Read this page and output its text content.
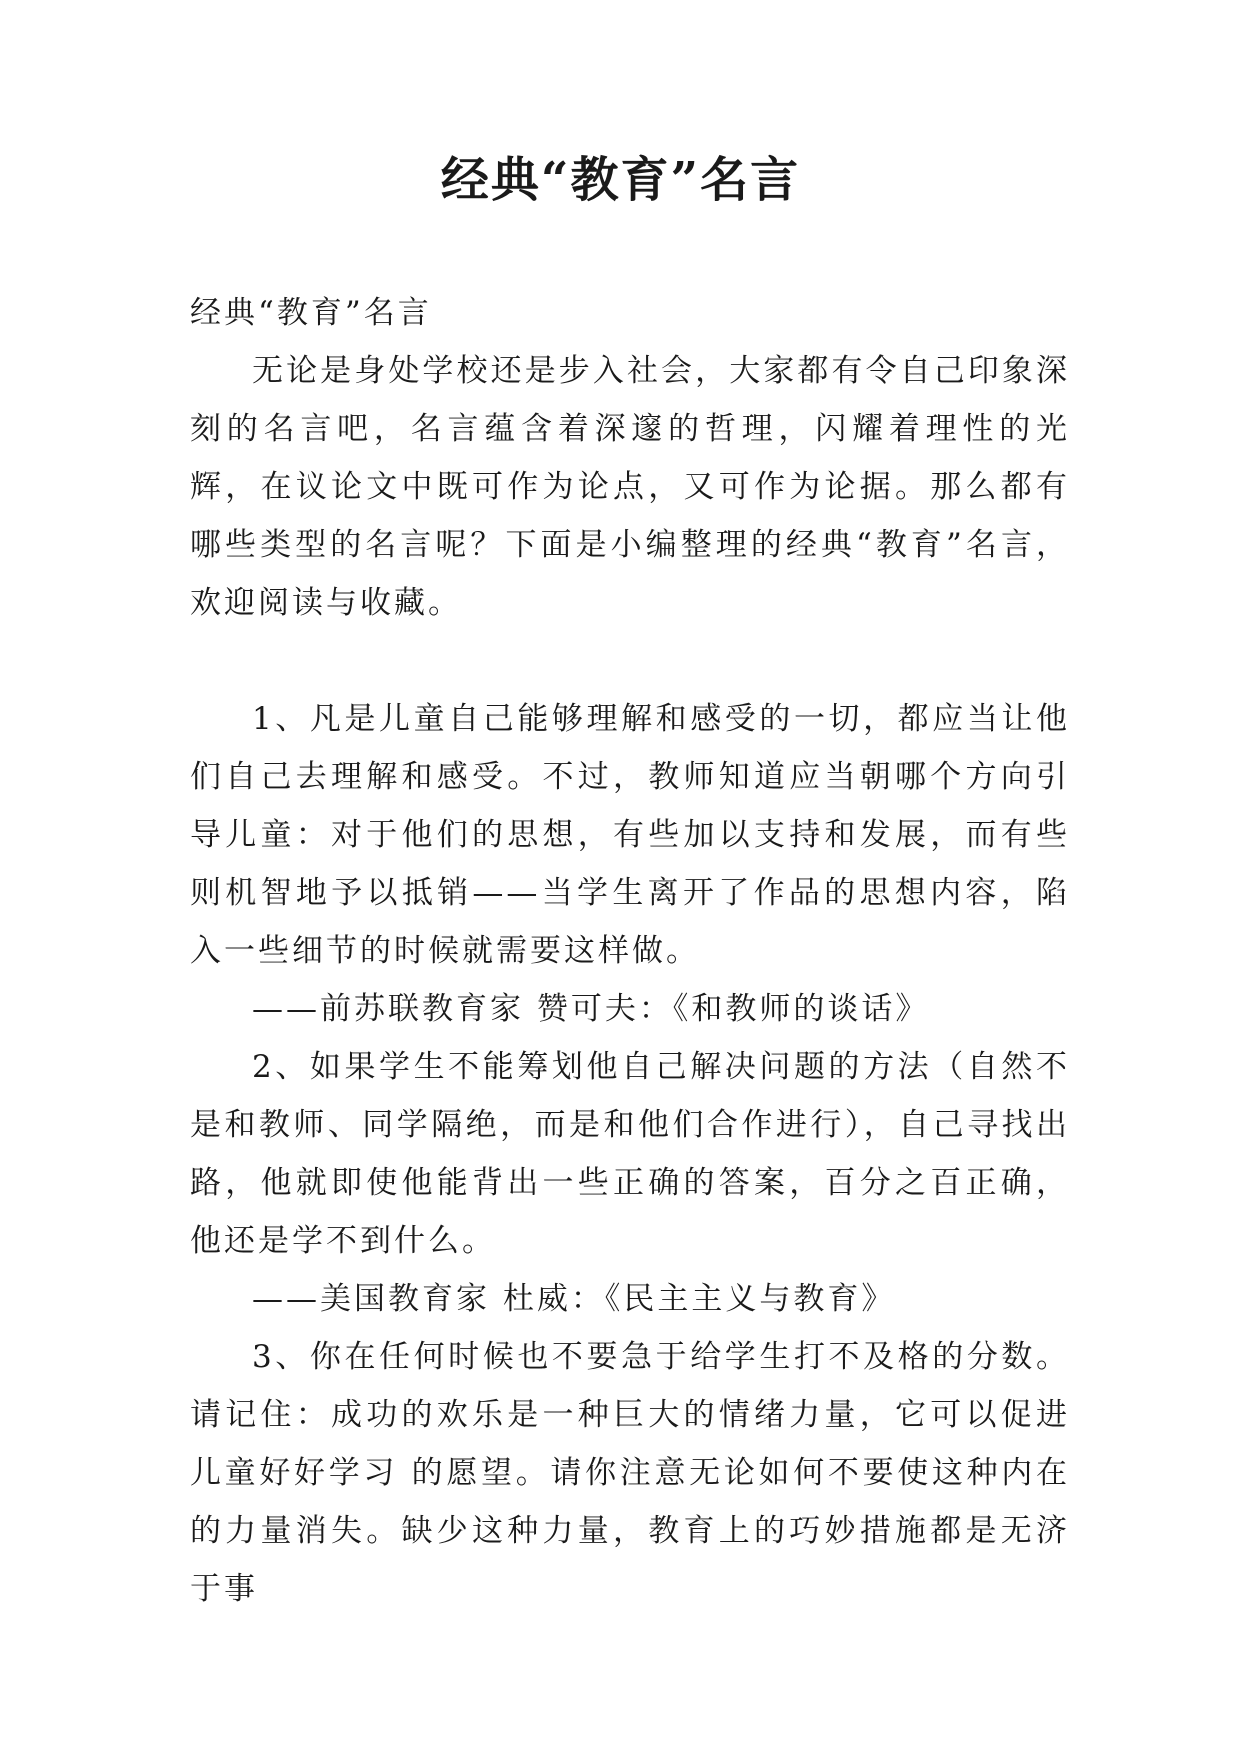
经典“教育”名言

经典“教育”名言

无论是身处学校还是步入社会，大家都有令自己印象深刻的名言吧，名言蕴含着深邃的哲理，闪耀着理性的光辉，在议论文中既可作为论点，又可作为论据。那么都有哪些类型的名言呢？下面是小编整理的经典“教育”名言，欢迎阅读与收藏。

1、凡是儿童自己能够理解和感受的一切，都应当让他们自己去理解和感受。不过，教师知道应当朝哪个方向引导儿童：对于他们的思想，有些加以支持和发展，而有些则机智地予以抵销——当学生离开了作品的思想内容，陷入一些细节的时候就需要这样做。

——前苏联教育家 赞可夫：《和教师的谈话》

2、如果学生不能筹划他自己解决问题的方法（自然不是和教师、同学隔绝，而是和他们合作进行），自己寻找出路，他就即使他能背出一些正确的答案，百分之百正确，他还是学不到什么。

——美国教育家 杜威：《民主主义与教育》

3、你在任何时候也不要急于给学生打不及格的分数。请记住：成功的欢乐是一种巨大的情绪力量，它可以促进儿童好好学习 的愿望。请你注意无论如何不要使这种内在的力量消失。缺少这种力量，教育上的巧妙措施都是无济于事
